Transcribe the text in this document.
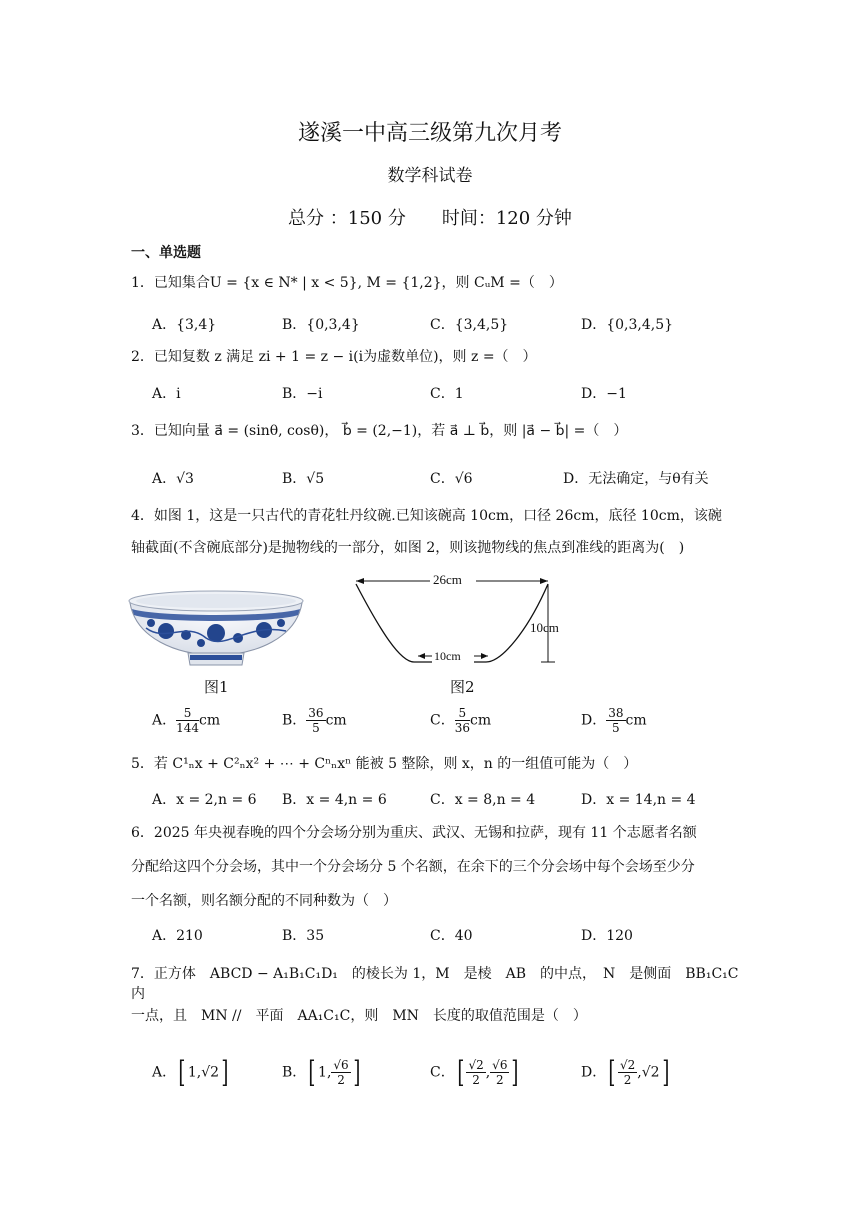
遂溪一中高三级第九次月考
数学科试卷
总分 ：150 分　　时间：120 分钟
一、单选题
1．已知集合U = {x ∈ N* | x < 5}, M = {1,2}，则 CᵤM =（　）
A．{3,4}	B．{0,3,4}	C．{3,4,5}	D．{0,3,4,5}
2．已知复数 z 满足 zi + 1 = z − i(i为虚数单位)，则 z =（　）
A．i	B．−i	C．1	D．−1
3．已知向量 a⃗ = (sinθ, cosθ)， b⃗ = (2,−1)，若 a⃗ ⊥ b⃗，则 |a⃗ − b⃗| =（　）
A．√3	B．√5	C．√6	D．无法确定，与θ有关
4．如图 1，这是一只古代的青花牡丹纹碗.已知该碗高 10cm，口径 26cm，底径 10cm，该碗
轴截面(不含碗底部分)是抛物线的一部分，如图 2，则该抛物线的焦点到准线的距离为(　)
图1
26cm
10cm
10cm
图2
A． $\frac{5}{144}$ cm	B． $\frac{36}{5}$ cm	C． $\frac{5}{36}$ cm	D． $\frac{38}{5}$ cm
5．若 C¹ₙx + C²ₙx² + ⋯ + Cⁿₙxⁿ 能被 5 整除，则 x，n 的一组值可能为（　）
A．x = 2,n = 6 B．x = 4,n = 6	C．x = 8,n = 4	D．x = 14,n = 4
6．2025 年央视春晚的四个分会场分别为重庆、武汉、无锡和拉萨，现有 11 个志愿者名额
分配给这四个分会场，其中一个分会场分 5 个名额，在余下的三个分会场中每个会场至少分
一个名额，则名额分配的不同种数为（　）
A．210	B．35	C．40	D．120
7．正方体　ABCD − A₁B₁C₁D₁　的棱长为 1，M　是棱　AB　的中点，　N　是侧面　BB₁C₁C　内
一点，且　MN //　平面　AA₁C₁C，则　MN　长度的取值范围是（　）
A．[ 1,√2]	B．[ 1, $\frac{√6}{2}$ ]	C．[ $\frac{√2}{2}$ , $\frac{√6}{2}$ ]	D．[ $\frac{√2}{2} ,√2$]
